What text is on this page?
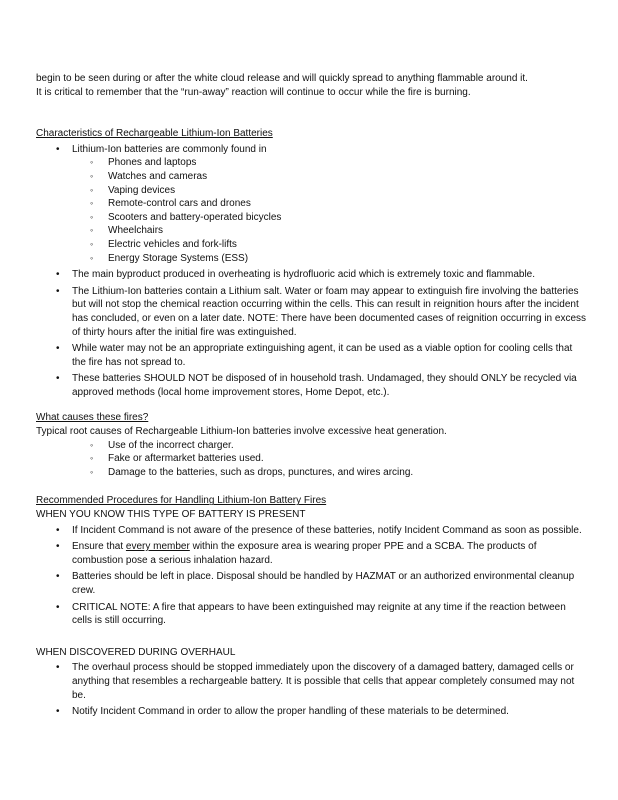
begin to be seen during or after the white cloud release and will quickly spread to anything flammable around it.

It is critical to remember that the “run-away” reaction will continue to occur while the fire is burning.

Characteristics of Rechargeable Lithium-Ion Batteries

• Lithium-Ion batteries are commonly found in
◦ Phones and laptops
◦ Watches and cameras
◦ Vaping devices
◦ Remote-control cars and drones
◦ Scooters and battery-operated bicycles
◦ Wheelchairs
◦ Electric vehicles and fork-lifts
◦ Energy Storage Systems (ESS)
• The main byproduct produced in overheating is hydrofluoric acid which is extremely toxic and flammable.
• The Lithium-Ion batteries contain a Lithium salt. Water or foam may appear to extinguish fire involving the batteries but will not stop the chemical reaction occurring within the cells. This can result in reignition hours after the incident has concluded, or even on a later date. NOTE: There have been documented cases of reignition occurring in excess of thirty hours after the initial fire was extinguished.
• While water may not be an appropriate extinguishing agent, it can be used as a viable option for cooling cells that the fire has not spread to.
• These batteries SHOULD NOT be disposed of in household trash. Undamaged, they should ONLY be recycled via approved methods (local home improvement stores, Home Depot, etc.).

What causes these fires?

Typical root causes of Rechargeable Lithium-Ion batteries involve excessive heat generation.

◦ Use of the incorrect charger.
◦ Fake or aftermarket batteries used.
◦ Damage to the batteries, such as drops, punctures, and wires arcing.

Recommended Procedures for Handling Lithium-Ion Battery Fires

WHEN YOU KNOW THIS TYPE OF BATTERY IS PRESENT

• If Incident Command is not aware of the presence of these batteries, notify Incident Command as soon as possible.
• Ensure that every member within the exposure area is wearing proper PPE and a SCBA. The products of combustion pose a serious inhalation hazard.
• Batteries should be left in place. Disposal should be handled by HAZMAT or an authorized environmental cleanup crew.
• CRITICAL NOTE: A fire that appears to have been extinguished may reignite at any time if the reaction between cells is still occurring.

WHEN DISCOVERED DURING OVERHAUL

• The overhaul process should be stopped immediately upon the discovery of a damaged battery, damaged cells or anything that resembles a rechargeable battery. It is possible that cells that appear completely consumed may not be.
• Notify Incident Command in order to allow the proper handling of these materials to be determined.
